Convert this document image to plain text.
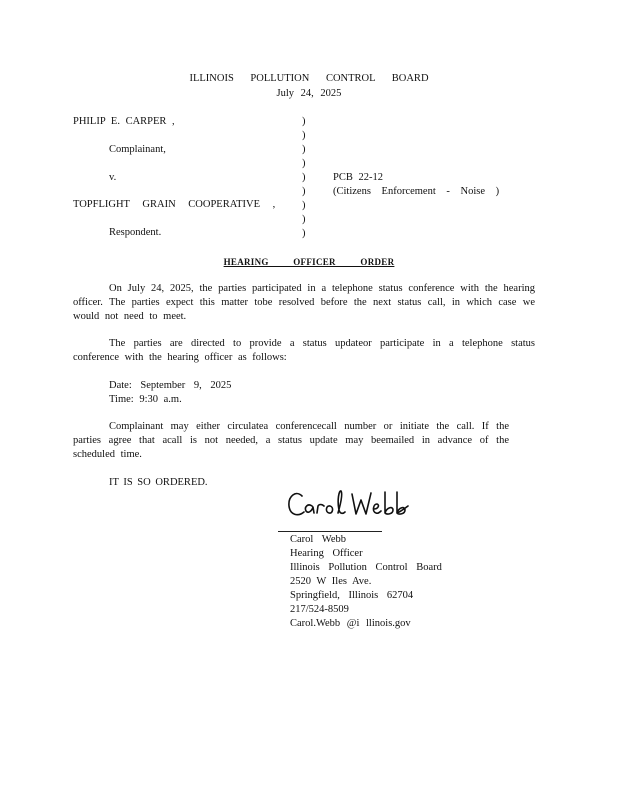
ILLINOIS POLLUTION CONTROL BOARD
July 24, 2025
PHILIP E. CARPER ,
Complainant,
v.
TOPFLIGHT GRAIN COOPERATIVE ,
Respondent.
)
)
)
)
)
)
)
)
)
PCB 22-12
(Citizens Enforcement - Noise )
HEARING OFFICER ORDER

On July 24, 2025, the parties participated in a telephone status conference with the hearing officer. The parties expect this matter tobe resolved before the next status call, in which case we would not need to meet.

The parties are directed to provide a status updateor participate in a telephone status conference with the hearing officer as follows:

Date: September 9, 2025
Time: 9:30 a.m.

Complainant may either circulatea conferencecall number or initiate the call. If the parties agree that acall is not needed, a status update may beemailed in advance of the scheduled time.

IT IS SO ORDERED.
Carol Webb
Hearing Officer
Illinois Pollution Control Board
2520 W Iles Ave.
Springfield, Illinois 62704
217/524-8509
Carol.Webb @i llinois.gov
